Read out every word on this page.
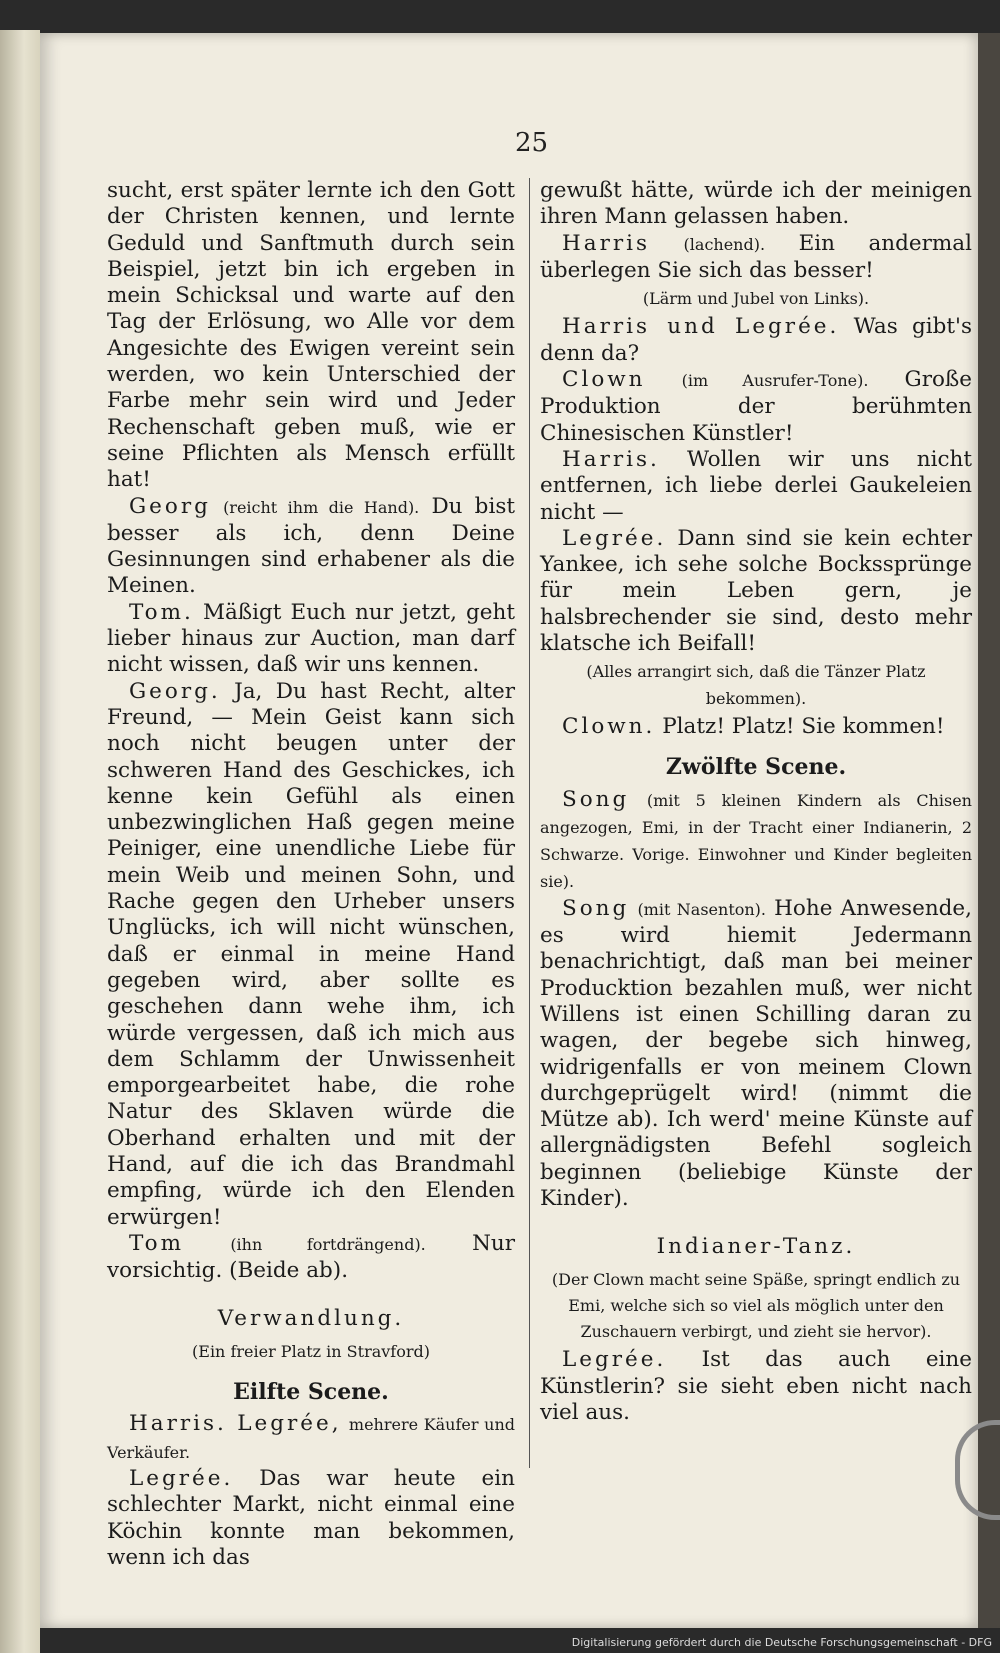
25

sucht, erst später lernte ich den Gott der Christen kennen, und lernte Geduld und Sanftmuth durch sein Beispiel, jetzt bin ich ergeben in mein Schicksal und warte auf den Tag der Erlösung, wo Alle vor dem Angesichte des Ewigen vereint sein werden, wo kein Unterschied der Farbe mehr sein wird und Jeder Rechenschaft geben muß, wie er seine Pflichten als Mensch erfüllt hat!

Georg (reicht ihm die Hand). Du bist besser als ich, denn Deine Gesinnungen sind erhabener als die Meinen.

Tom. Mäßigt Euch nur jetzt, geht lieber hinaus zur Auction, man darf nicht wissen, daß wir uns kennen.

Georg. Ja, Du hast Recht, alter Freund, — Mein Geist kann sich noch nicht beugen unter der schweren Hand des Geschickes, ich kenne kein Gefühl als einen unbezwinglichen Haß gegen meine Peiniger, eine unendliche Liebe für mein Weib und meinen Sohn, und Rache gegen den Urheber unsers Unglücks, ich will nicht wünschen, daß er einmal in meine Hand gegeben wird, aber sollte es geschehen dann wehe ihm, ich würde vergessen, daß ich mich aus dem Schlamm der Unwissenheit emporgearbeitet habe, die rohe Natur des Sklaven würde die Oberhand erhalten und mit der Hand, auf die ich das Brandmahl empfing, würde ich den Elenden erwürgen!

Tom	(ihn fortdrängend). Nur vorsichtig. (Beide ab).

Verwandlung.

(Ein freier Platz in Stravford)

Eilfte Scene.

Harris. Legrée, mehrere Käufer und Verkäufer.

Legrée. Das war heute ein schlechter Markt, nicht einmal eine Köchin konnte man bekommen, wenn ich das

gewußt hätte, würde ich der meinigen ihren Mann gelassen haben.

Harris (lachend). Ein andermal überlegen Sie sich das besser!

(Lärm und Jubel von Links).

Harris und Legrée. Was gibt's denn da?

Clown (im Ausrufer-Tone). Große Produktion der berühmten Chinesischen Künstler!

Harris. Wollen wir uns nicht entfernen, ich liebe derlei Gaukeleien nicht —

Legrée. Dann sind sie kein echter Yankee, ich sehe solche Bockssprünge für mein Leben gern, je halsbrechender sie sind, desto mehr klatsche ich Beifall!

(Alles arrangirt sich, daß die Tänzer Platz bekommen).

Clown. Platz! Platz! Sie kommen!

Zwölfte Scene.

Song (mit 5 kleinen Kindern als Chisen angezogen, Emi, in der Tracht einer Indianerin, 2 Schwarze. Vorige. Einwohner und Kinder begleiten sie).

Song (mit Nasenton). Hohe Anwesende, es wird hiemit Jedermann benachrichtigt, daß man bei meiner Producktion bezahlen muß, wer nicht Willens ist einen Schilling daran zu wagen, der begebe sich hinweg, widrigenfalls er von meinem Clown durchgeprügelt wird! (nimmt die Mütze ab). Ich werd' meine Künste auf allergnädigsten Befehl sogleich beginnen (beliebige Künste der Kinder).

Indianer-Tanz.

(Der Clown macht seine Späße, springt endlich zu Emi, welche sich so viel als möglich unter den Zuschauern verbirgt, und zieht sie hervor).

Legrée. Ist das auch eine Künstlerin? sie sieht eben nicht nach viel aus.

Digitalisierung gefördert durch die Deutsche Forschungsgemeinschaft - DFG
